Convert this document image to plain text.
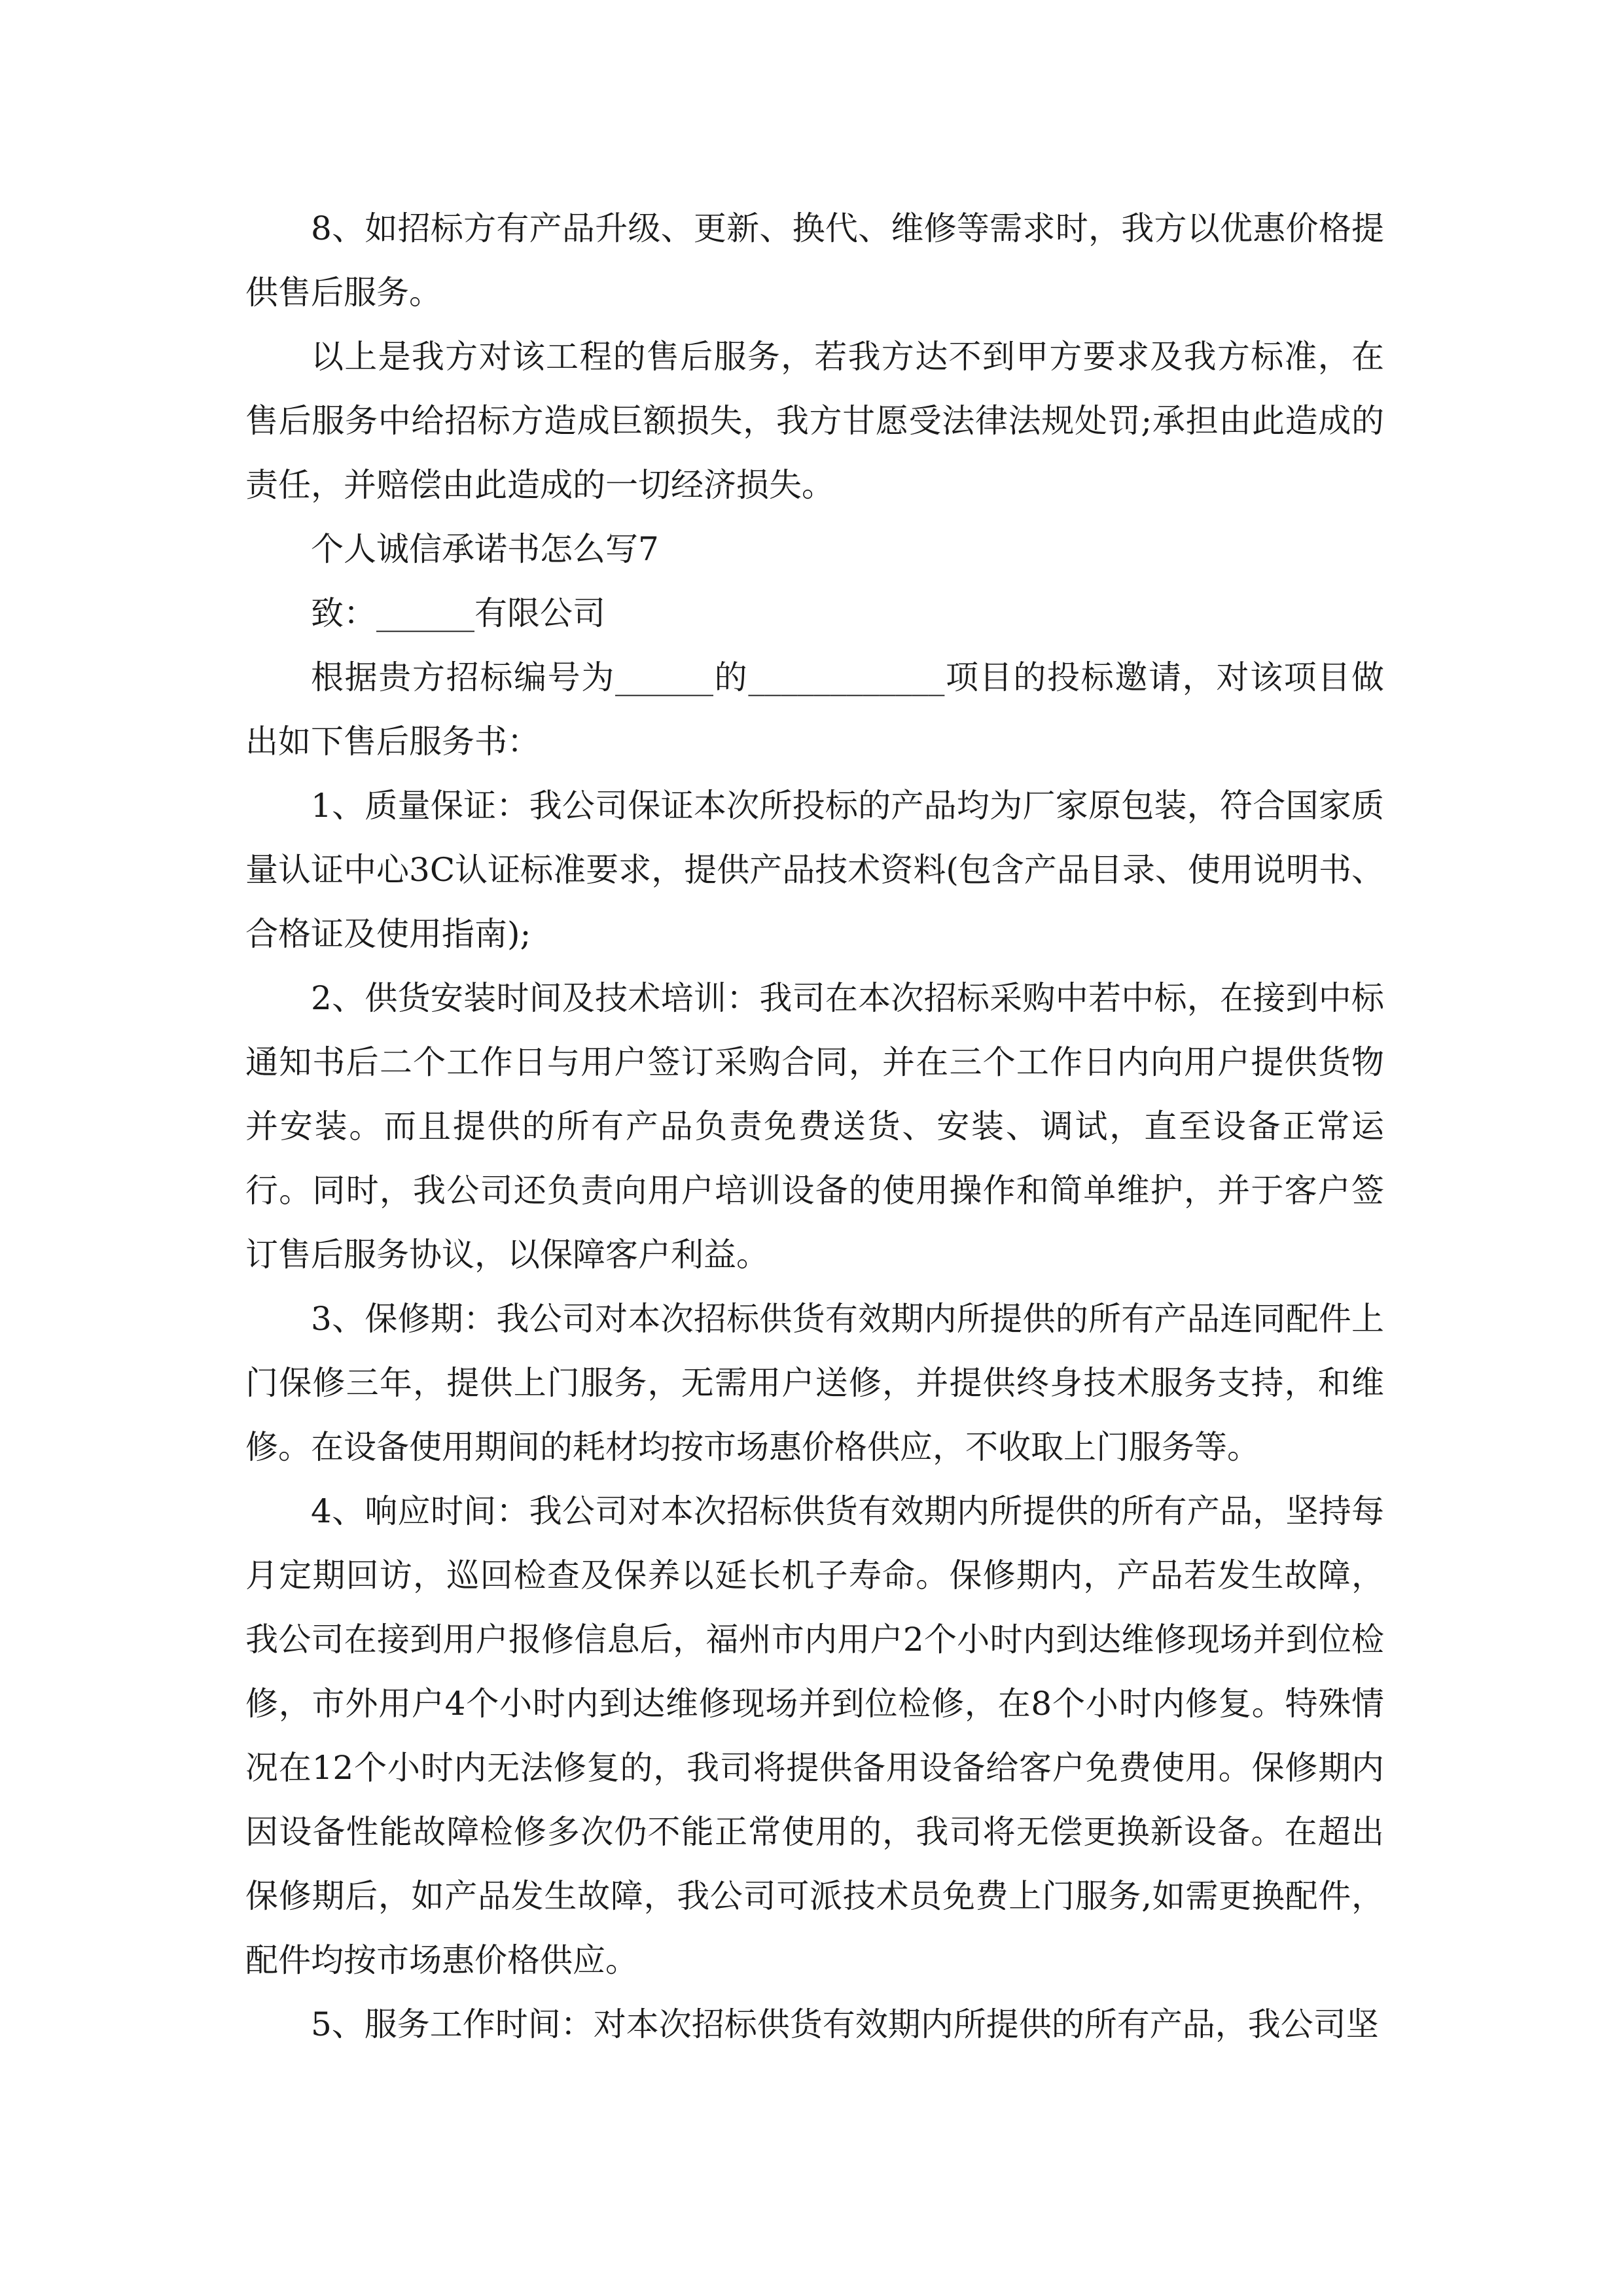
8、如招标方有产品升级、更新、换代、维修等需求时，我方以优惠价格提供售后服务。

以上是我方对该工程的售后服务，若我方达不到甲方要求及我方标准，在售后服务中给招标方造成巨额损失，我方甘愿受法律法规处罚;承担由此造成的责任，并赔偿由此造成的一切经济损失。

个人诚信承诺书怎么写7

致：______有限公司

根据贵方招标编号为______的____________项目的投标邀请，对该项目做出如下售后服务书：

1、质量保证：我公司保证本次所投标的产品均为厂家原包装，符合国家质量认证中心3C认证标准要求，提供产品技术资料(包含产品目录、使用说明书、合格证及使用指南);

2、供货安装时间及技术培训：我司在本次招标采购中若中标，在接到中标通知书后二个工作日与用户签订采购合同，并在三个工作日内向用户提供货物并安装。而且提供的所有产品负责免费送货、安装、调试，直至设备正常运行。同时，我公司还负责向用户培训设备的使用操作和简单维护，并于客户签订售后服务协议，以保障客户利益。

3、保修期：我公司对本次招标供货有效期内所提供的所有产品连同配件上门保修三年，提供上门服务，无需用户送修，并提供终身技术服务支持，和维修。在设备使用期间的耗材均按市场惠价格供应，不收取上门服务等。

4、响应时间：我公司对本次招标供货有效期内所提供的所有产品，坚持每月定期回访，巡回检查及保养以延长机子寿命。保修期内，产品若发生故障，我公司在接到用户报修信息后，福州市内用户2个小时内到达维修现场并到位检修，市外用户4个小时内到达维修现场并到位检修，在8个小时内修复。特殊情况在12个小时内无法修复的，我司将提供备用设备给客户免费使用。保修期内因设备性能故障检修多次仍不能正常使用的，我司将无偿更换新设备。在超出保修期后，如产品发生故障，我公司可派技术员免费上门服务,如需更换配件，配件均按市场惠价格供应。

5、服务工作时间：对本次招标供货有效期内所提供的所有产品，我公司坚
